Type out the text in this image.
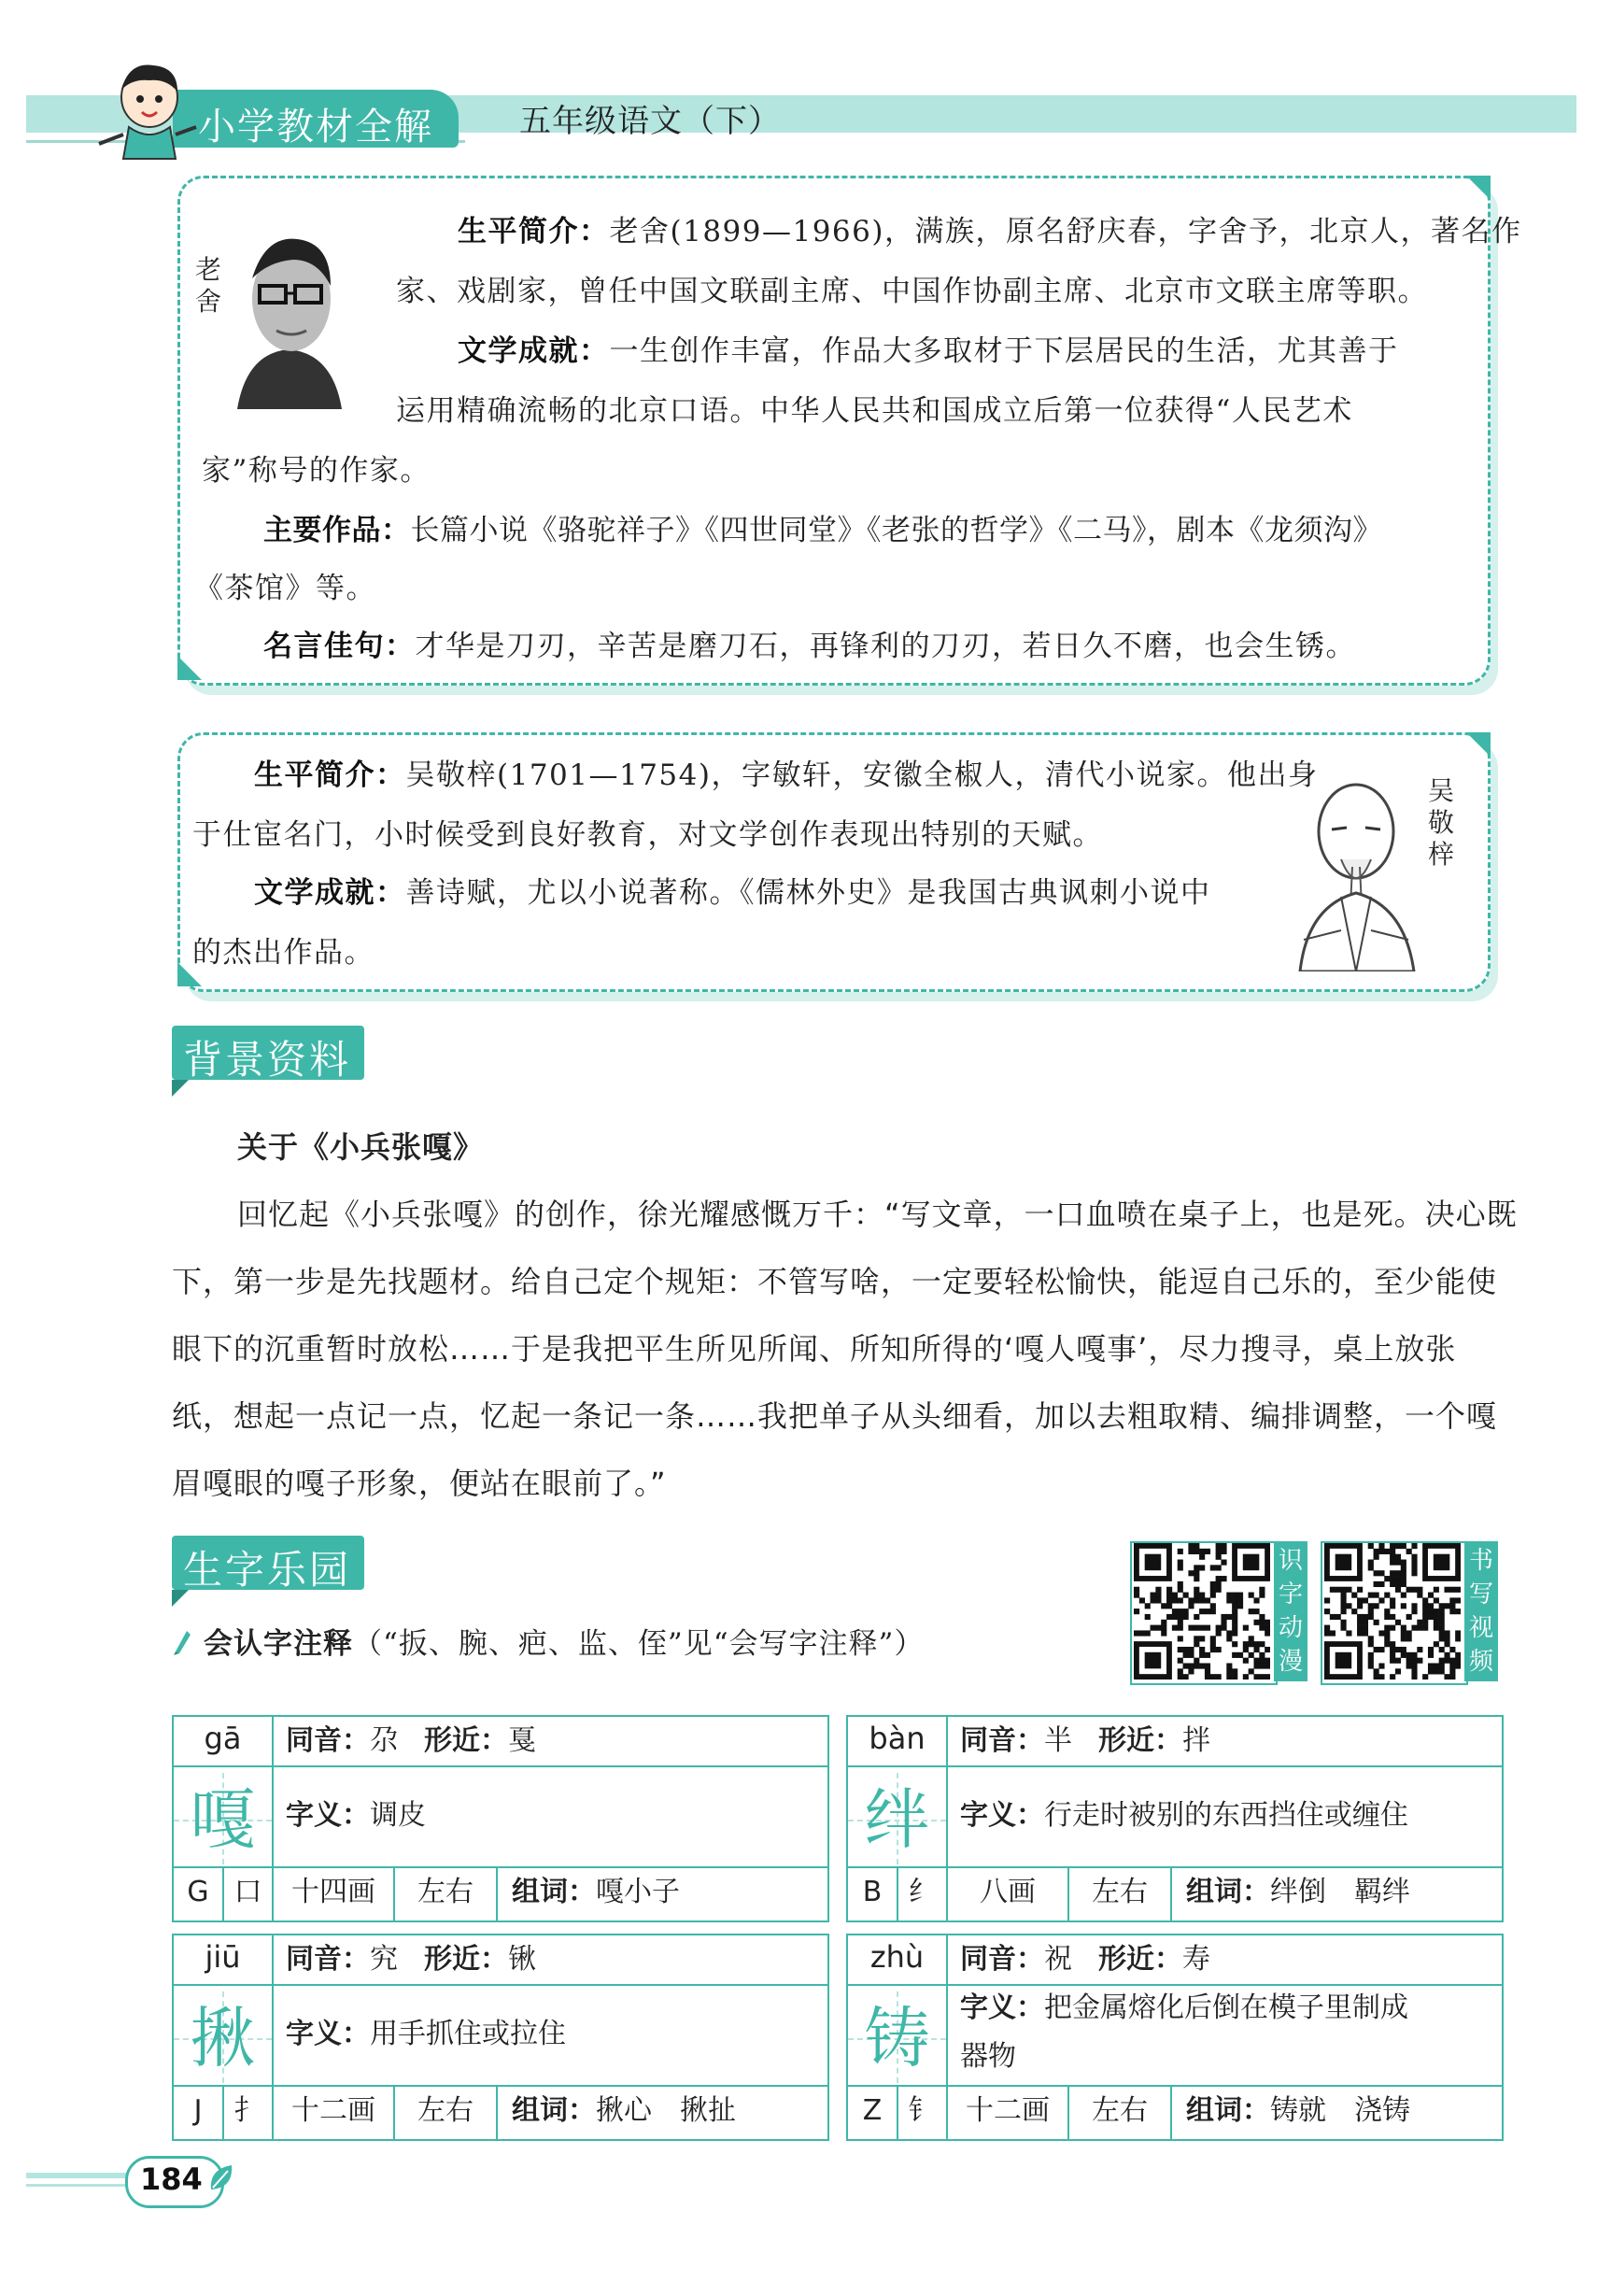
小学教材全解	五年级语文（下）
老
舍
生平简介：老舍(1899—1966)，满族，原名舒庆春，字舍予，北京人，著名作
家、戏剧家，曾任中国文联副主席、中国作协副主席、北京市文联主席等职。
文学成就：一生创作丰富，作品大多取材于下层居民的生活，尤其善于
运用精确流畅的北京口语。中华人民共和国成立后第一位获得“人民艺术
家”称号的作家。
主要作品：长篇小说《骆驼祥子》《四世同堂》《老张的哲学》《二马》，剧本《龙须沟》
《茶馆》等。
名言佳句：才华是刀刃，辛苦是磨刀石，再锋利的刀刃，若日久不磨，也会生锈。
生平简介：吴敬梓(1701—1754)，字敏轩，安徽全椒人，清代小说家。他出身
于仕宦名门，小时候受到良好教育，对文学创作表现出特别的天赋。
文学成就：善诗赋，尤以小说著称。《儒林外史》是我国古典讽刺小说中
的杰出作品。
吴
敬
梓
背景资料
关于《小兵张嘎》
回忆起《小兵张嘎》的创作，徐光耀感慨万千：“写文章，一口血喷在桌子上，也是死。决心既
下，第一步是先找题材。给自己定个规矩：不管写啥，一定要轻松愉快，能逗自己乐的，至少能使
眼下的沉重暂时放松……于是我把平生所见所闻、所知所得的‘嘎人嘎事’，尽力搜寻，桌上放张
纸，想起一点记一点，忆起一条记一条……我把单子从头细看，加以去粗取精、编排调整，一个嘎
眉嘎眼的嘎子形象，便站在眼前了。”
生字乐园
会认字注释（“扳、腕、疤、监、侄”见“会写字注释”）
识字动漫
书写视频
gā
嘎
同音：尕 形近：戛
字义：调皮
G 口	十四画	左右	组词：嘎小子
bàn
绊
同音：半 形近：拌
字义：行走时被别的东西挡住或缠住
B 纟	八画	左右	组词：绊倒　羁绊
jiū
揪
同音：究 形近：锹
字义：用手抓住或拉住
J	扌	十二画	左右	组词：揪心　揪扯
zhù
铸
同音：祝 形近：寿
字义：把金属熔化后倒在模子里制成
器物
Z 钅	十二画	左右	组词：铸就　浇铸
184
